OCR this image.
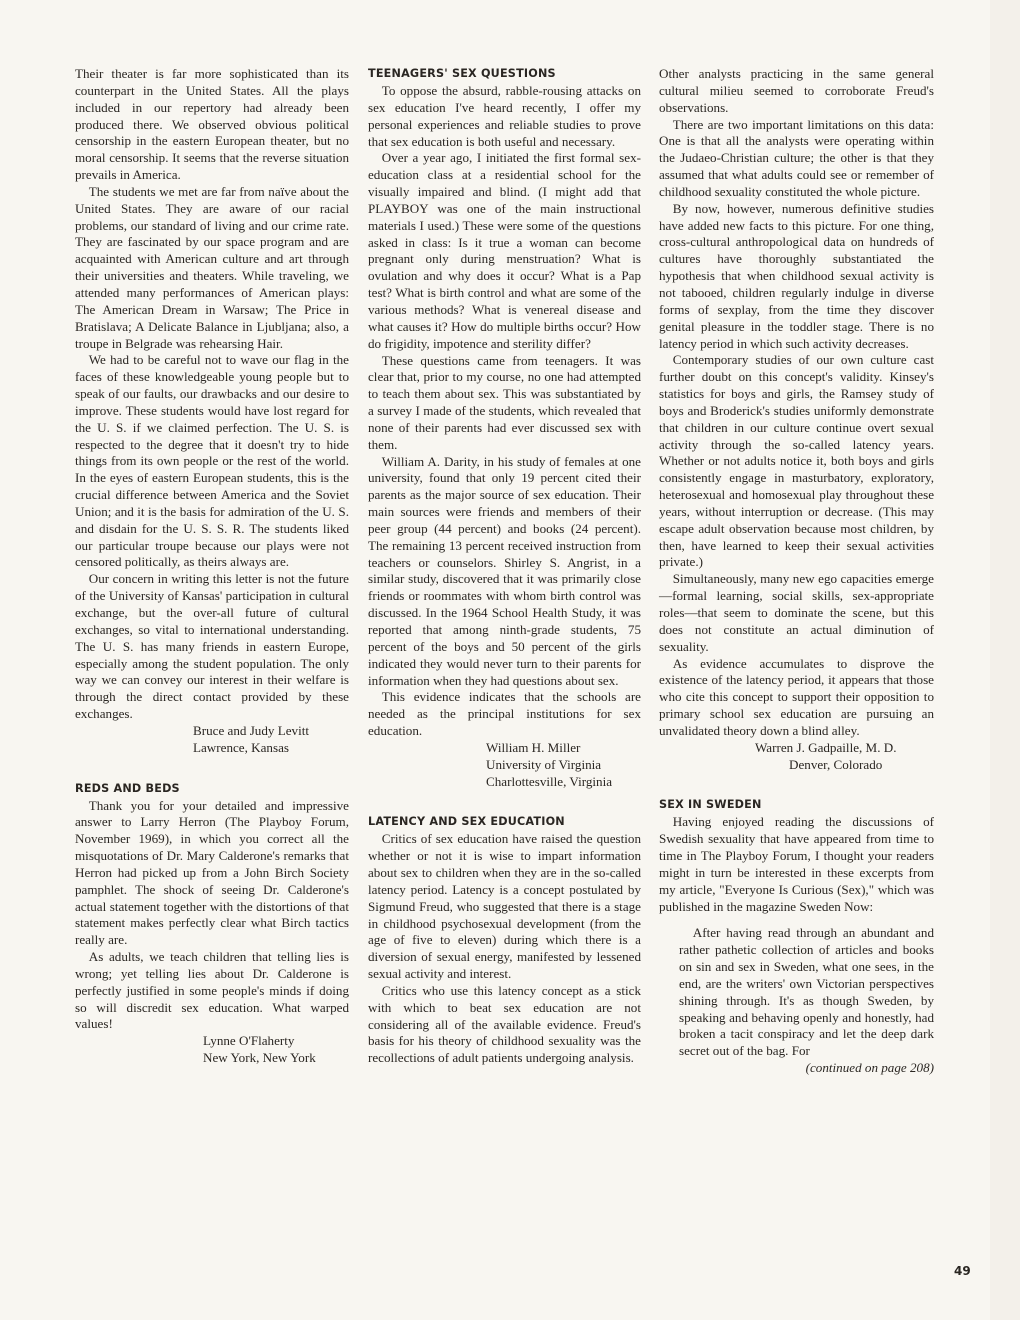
Their theater is far more sophisticated than its counterpart in the United States. All the plays included in our repertory had already been produced there. We observed obvious political censorship in the eastern European theater, but no moral censorship. It seems that the reverse situation prevails in America.

The students we met are far from naïve about the United States. They are aware of our racial problems, our standard of living and our crime rate. They are fascinated by our space program and are acquainted with American culture and art through their universities and theaters. While traveling, we attended many performances of American plays: The American Dream in Warsaw; The Price in Bratislava; A Delicate Balance in Ljubljana; also, a troupe in Belgrade was rehearsing Hair.

We had to be careful not to wave our flag in the faces of these knowledgeable young people but to speak of our faults, our drawbacks and our desire to improve. These students would have lost regard for the U. S. if we claimed perfection. The U. S. is respected to the degree that it doesn't try to hide things from its own people or the rest of the world. In the eyes of eastern European students, this is the crucial difference between America and the Soviet Union; and it is the basis for admiration of the U. S. and disdain for the U. S. S. R. The students liked our particular troupe because our plays were not censored politically, as theirs always are.

Our concern in writing this letter is not the future of the University of Kansas' participation in cultural exchange, but the over-all future of cultural exchanges, so vital to international understanding. The U. S. has many friends in eastern Europe, especially among the student population. The only way we can convey our interest in their welfare is through the direct contact provided by these exchanges.

Bruce and Judy Levitt
Lawrence, Kansas
REDS AND BEDS

Thank you for your detailed and impressive answer to Larry Herron (The Playboy Forum, November 1969), in which you correct all the misquotations of Dr. Mary Calderone's remarks that Herron had picked up from a John Birch Society pamphlet. The shock of seeing Dr. Calderone's actual statement together with the distortions of that statement makes perfectly clear what Birch tactics really are.

As adults, we teach children that telling lies is wrong; yet telling lies about Dr. Calderone is perfectly justified in some people's minds if doing so will discredit sex education. What warped values!

Lynne O'Flaherty
New York, New York
TEENAGERS' SEX QUESTIONS

To oppose the absurd, rabble-rousing attacks on sex education I've heard recently, I offer my personal experiences and reliable studies to prove that sex education is both useful and necessary.

Over a year ago, I initiated the first formal sex-education class at a residential school for the visually impaired and blind. (I might add that PLAYBOY was one of the main instructional materials I used.) These were some of the questions asked in class: Is it true a woman can become pregnant only during menstruation? What is ovulation and why does it occur? What is a Pap test? What is birth control and what are some of the various methods? What is venereal disease and what causes it? How do multiple births occur? How do frigidity, impotence and sterility differ?

These questions came from teenagers. It was clear that, prior to my course, no one had attempted to teach them about sex. This was substantiated by a survey I made of the students, which revealed that none of their parents had ever discussed sex with them.

William A. Darity, in his study of females at one university, found that only 19 percent cited their parents as the major source of sex education. Their main sources were friends and members of their peer group (44 percent) and books (24 percent). The remaining 13 percent received instruction from teachers or counselors. Shirley S. Angrist, in a similar study, discovered that it was primarily close friends or roommates with whom birth control was discussed. In the 1964 School Health Study, it was reported that among ninth-grade students, 75 percent of the boys and 50 percent of the girls indicated they would never turn to their parents for information when they had questions about sex.

This evidence indicates that the schools are needed as the principal institutions for sex education.

William H. Miller
University of Virginia
Charlottesville, Virginia
LATENCY AND SEX EDUCATION

Critics of sex education have raised the question whether or not it is wise to impart information about sex to children when they are in the so-called latency period. Latency is a concept postulated by Sigmund Freud, who suggested that there is a stage in childhood psychosexual development (from the age of five to eleven) during which there is a diversion of sexual energy, manifested by lessened sexual activity and interest.

Critics who use this latency concept as a stick with which to beat sex education are not considering all of the available evidence. Freud's basis for his theory of childhood sexuality was the recollections of adult patients undergoing analysis.

Other analysts practicing in the same general cultural milieu seemed to corroborate Freud's observations.

There are two important limitations on this data: One is that all the analysts were operating within the Judaeo-Christian culture; the other is that they assumed that what adults could see or remember of childhood sexuality constituted the whole picture.

By now, however, numerous definitive studies have added new facts to this picture. For one thing, cross-cultural anthropological data on hundreds of cultures have thoroughly substantiated the hypothesis that when childhood sexual activity is not tabooed, children regularly indulge in diverse forms of sexplay, from the time they discover genital pleasure in the toddler stage. There is no latency period in which such activity decreases.

Contemporary studies of our own culture cast further doubt on this concept's validity. Kinsey's statistics for boys and girls, the Ramsey study of boys and Broderick's studies uniformly demonstrate that children in our culture continue overt sexual activity through the so-called latency years. Whether or not adults notice it, both boys and girls consistently engage in masturbatory, exploratory, heterosexual and homosexual play throughout these years, without interruption or decrease. (This may escape adult observation because most children, by then, have learned to keep their sexual activities private.)

Simultaneously, many new ego capacities emerge—formal learning, social skills, sex-appropriate roles—that seem to dominate the scene, but this does not constitute an actual diminution of sexuality.

As evidence accumulates to disprove the existence of the latency period, it appears that those who cite this concept to support their opposition to primary school sex education are pursuing an unvalidated theory down a blind alley.

Warren J. Gadpaille, M. D.
Denver, Colorado
SEX IN SWEDEN

Having enjoyed reading the discussions of Swedish sexuality that have appeared from time to time in The Playboy Forum, I thought your readers might in turn be interested in these excerpts from my article, "Everyone Is Curious (Sex)," which was published in the magazine Sweden Now:

After having read through an abundant and rather pathetic collection of articles and books on sin and sex in Sweden, what one sees, in the end, are the writers' own Victorian perspectives shining through. It's as though Sweden, by speaking and behaving openly and honestly, had broken a tacit conspiracy and let the deep dark secret out of the bag. For

(continued on page 208)
49
